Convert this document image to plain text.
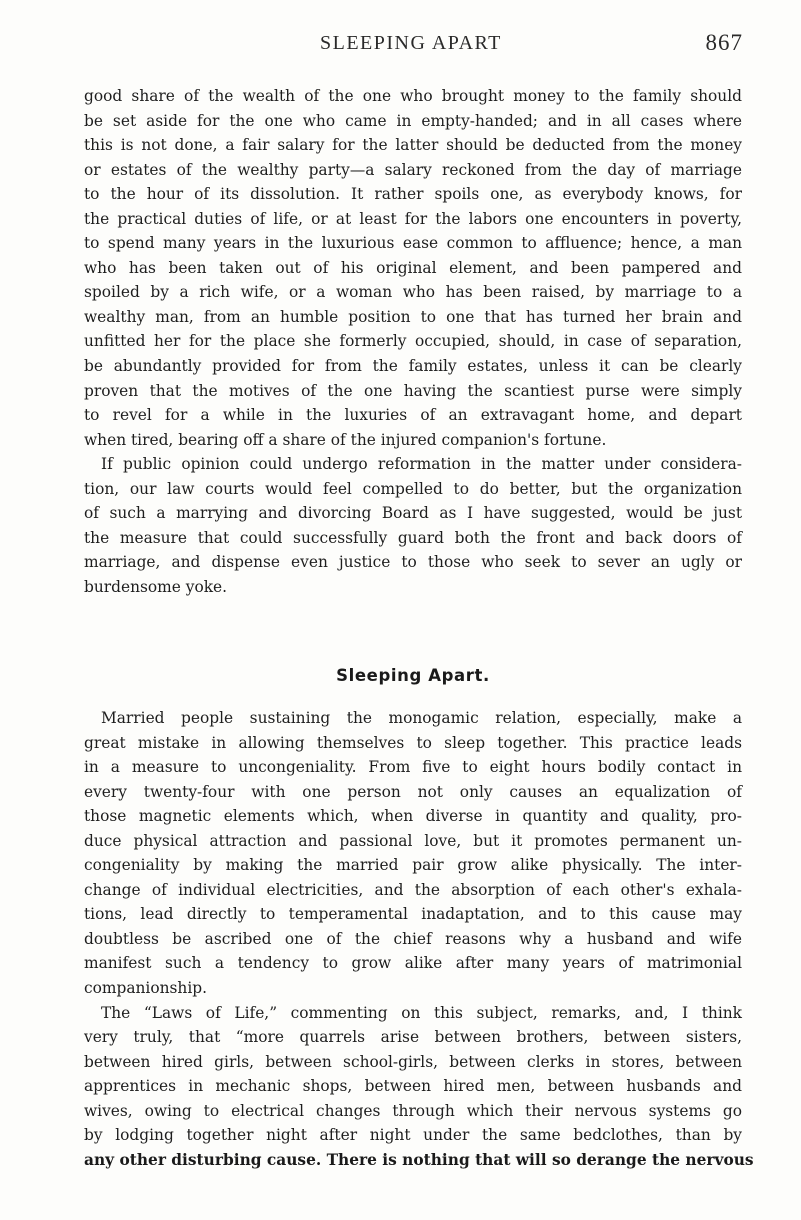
SLEEPING APART	867
good share of the wealth of the one who brought money to the family should
be set aside for the one who came in empty-handed; and in all cases where
this is not done, a fair salary for the latter should be deducted from the money
or estates of the wealthy party—a salary reckoned from the day of marriage
to the hour of its dissolution. It rather spoils one, as everybody knows, for
the practical duties of life, or at least for the labors one encounters in poverty,
to spend many years in the luxurious ease common to affluence; hence, a man
who has been taken out of his original element, and been pampered and
spoiled by a rich wife, or a woman who has been raised, by marriage to a
wealthy man, from an humble position to one that has turned her brain and
unfitted her for the place she formerly occupied, should, in case of separation,
be abundantly provided for from the family estates, unless it can be clearly
proven that the motives of the one having the scantiest purse were simply
to revel for a while in the luxuries of an extravagant home, and depart
when tired, bearing off a share of the injured companion's fortune.
If public opinion could undergo reformation in the matter under considera-
tion, our law courts would feel compelled to do better, but the organization
of such a marrying and divorcing Board as I have suggested, would be just
the measure that could successfully guard both the front and back doors of
marriage, and dispense even justice to those who seek to sever an ugly or
burdensome yoke.
Sleeping Apart.
Married people sustaining the monogamic relation, especially, make a
great mistake in allowing themselves to sleep together. This practice leads
in a measure to uncongeniality. From five to eight hours bodily contact in
every twenty-four with one person not only causes an equalization of
those magnetic elements which, when diverse in quantity and quality, pro-
duce physical attraction and passional love, but it promotes permanent un-
congeniality by making the married pair grow alike physically. The inter-
change of individual electricities, and the absorption of each other's exhala-
tions, lead directly to temperamental inadaptation, and to this cause may
doubtless be ascribed one of the chief reasons why a husband and wife
manifest such a tendency to grow alike after many years of matrimonial
companionship.
The “Laws of Life,” commenting on this subject, remarks, and, I think
very truly, that “more quarrels arise between brothers, between sisters,
between hired girls, between school-girls, between clerks in stores, between
apprentices in mechanic shops, between hired men, between husbands and
wives, owing to electrical changes through which their nervous systems go
by lodging together night after night under the same bedclothes, than by
any other disturbing cause. There is nothing that will so derange the nervous
